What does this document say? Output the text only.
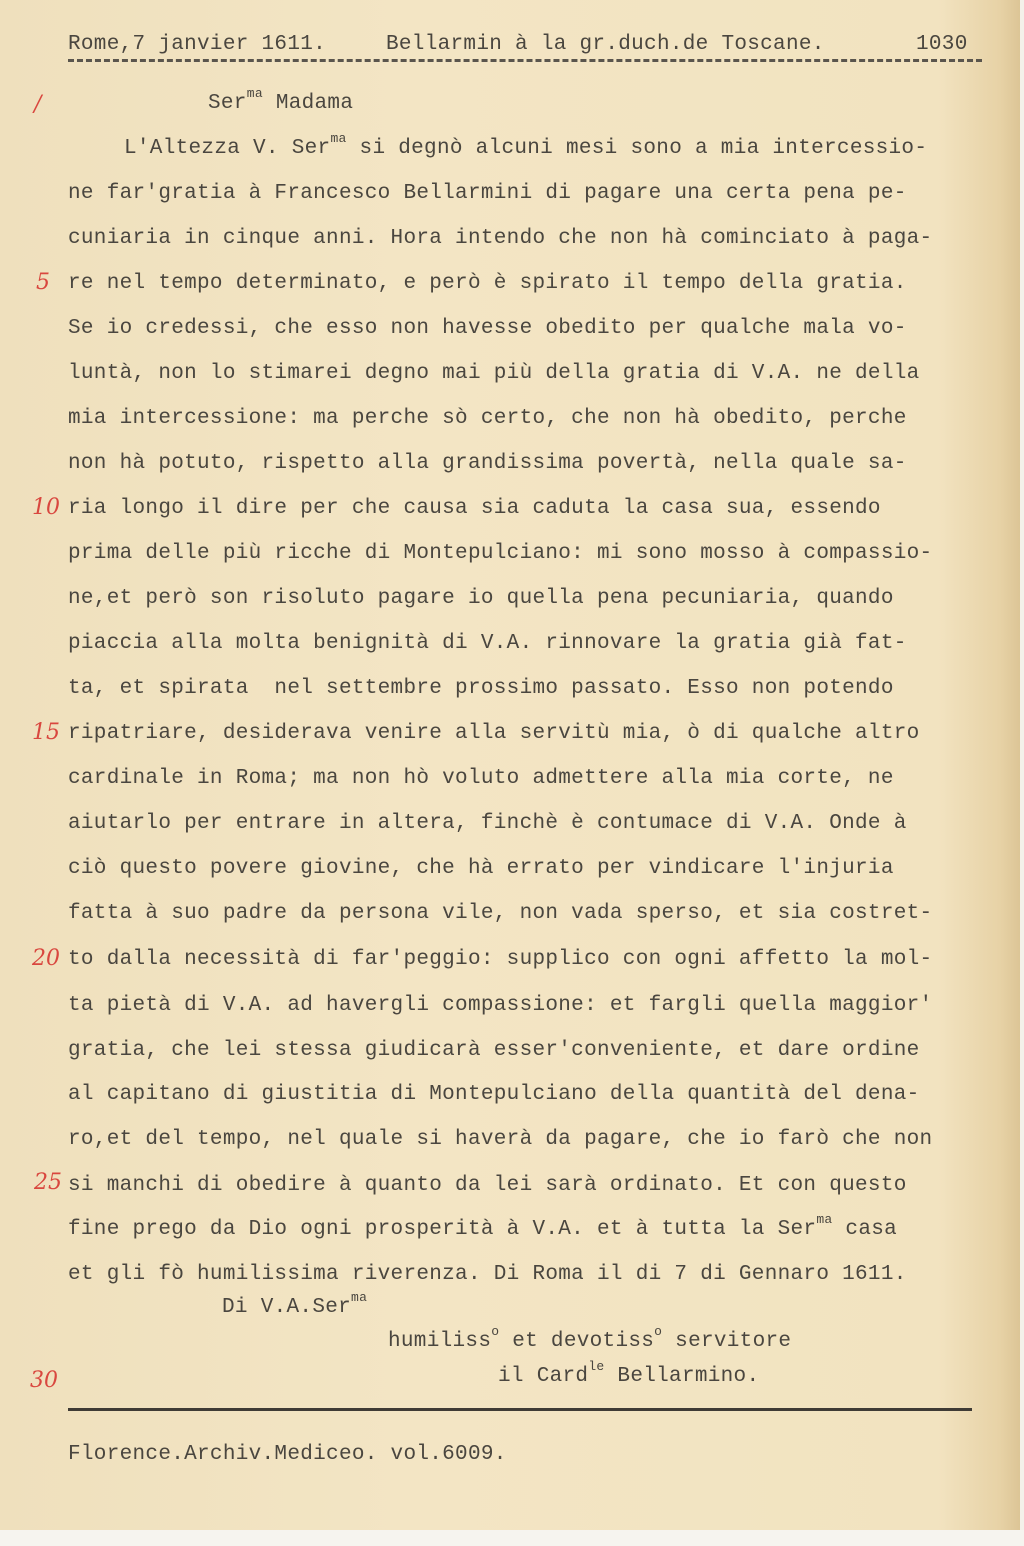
Rome,7 janvier 1611.	Bellarmin à la gr.duch.de Toscane.	1030
Ser$^{ma}$ Madama
L'Altezza V. Ser$^{ma}$ si degnò alcuni mesi sono a mia intercessio-
ne far'gratia à Francesco Bellarmini di pagare una certa pena pe-
cuniaria in cinque anni. Hora intendo che non hà cominciato à paga-
re nel tempo determinato, e però è spirato il tempo della gratia.
Se io credessi, che esso non havesse obedito per qualche mala vo-
luntà, non lo stimarei degno mai più della gratia di V.A. ne della
mia intercessione: ma perche sò certo, che non hà obedito, perche
non hà potuto, rispetto alla grandissima povertà, nella quale sa-
ria longo il dire per che causa sia caduta la casa sua, essendo
prima delle più ricche di Montepulciano: mi sono mosso à compassio-
ne,et però son risoluto pagare io quella pena pecuniaria, quando
piaccia alla molta benignità di V.A. rinnovare la gratia già fat-
ta, et spirata  nel settembre prossimo passato. Esso non potendo
ripatriare, desiderava venire alla servitù mia, ò di qualche altro
cardinale in Roma; ma non hò voluto admettere alla mia corte, ne
aiutarlo per entrare in altera, finchè è contumace di V.A. Onde à
ciò questo povere giovine, che hà errato per vindicare l'injuria
fatta à suo padre da persona vile, non vada sperso, et sia costret-
to dalla necessità di far'peggio: supplico con ogni affetto la mol-
ta pietà di V.A. ad havergli compassione: et fargli quella maggior'
gratia, che lei stessa giudicarà esser'conveniente, et dare ordine
al capitano di giustitia di Montepulciano della quantità del dena-
ro,et del tempo, nel quale si haverà da pagare, che io farò che non
si manchi di obedire à quanto da lei sarà ordinato. Et con questo
fine prego da Dio ogni prosperità à V.A. et à tutta la Ser$^{ma}$ casa
et gli fò humilissima riverenza. Di Roma il di 7 di Gennaro 1611.
Di V.A.Ser$^{ma}$
humiliss$^o$ et devotiss$^o$ servitore
il Card$^{le}$ Bellarmino.
Florence.Archiv.Mediceo. vol.6009.
/
5
10
15
20
25
30
